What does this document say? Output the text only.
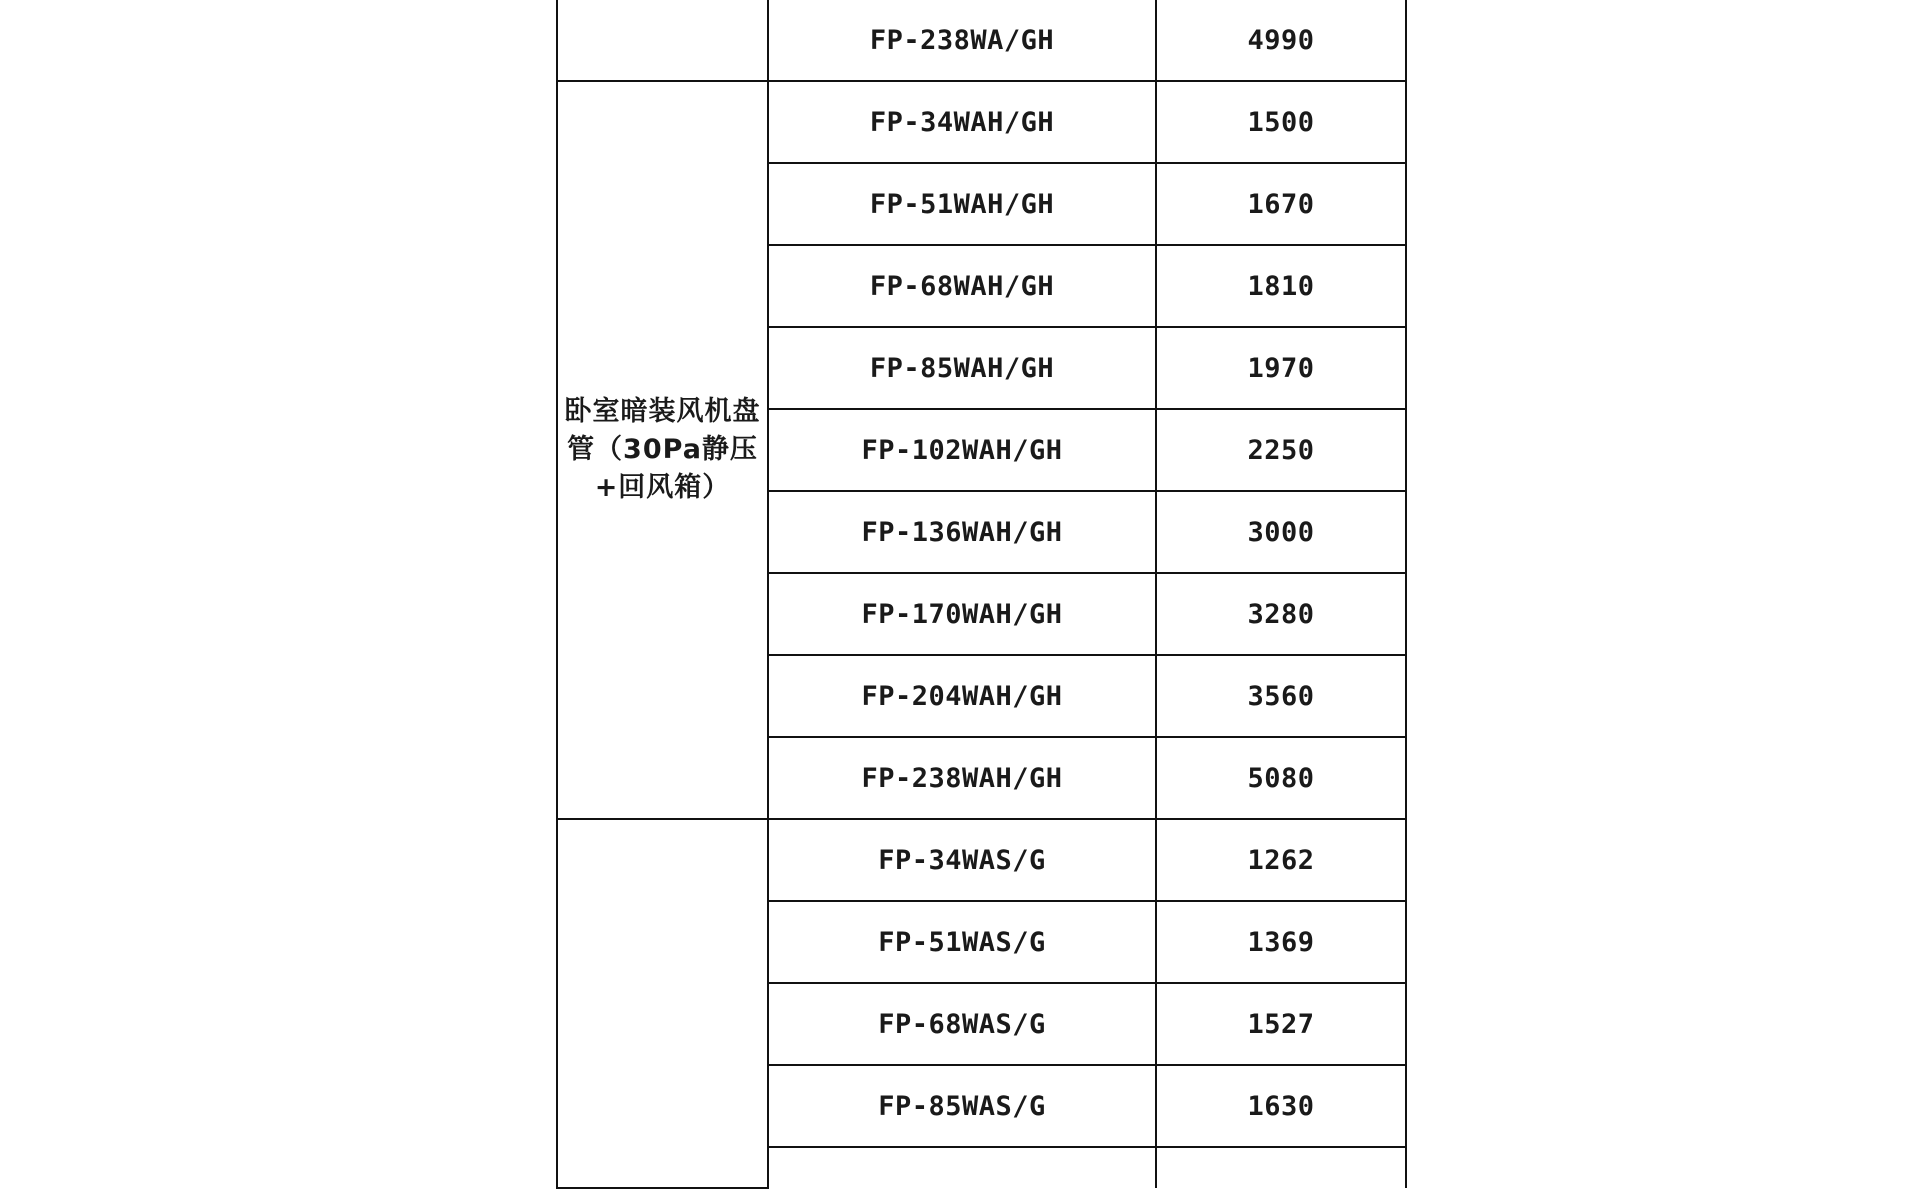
	FP-238WA/GH	4990
卧室暗装风机盘管（30Pa静压+回风箱）	FP-34WAH/GH	1500
	FP-51WAH/GH	1670
	FP-68WAH/GH	1810
	FP-85WAH/GH	1970
	FP-102WAH/GH	2250
	FP-136WAH/GH	3000
	FP-170WAH/GH	3280
	FP-204WAH/GH	3560
	FP-238WAH/GH	5080
	FP-34WAS/G	1262
	FP-51WAS/G	1369
	FP-68WAS/G	1527
	FP-85WAS/G	1630
